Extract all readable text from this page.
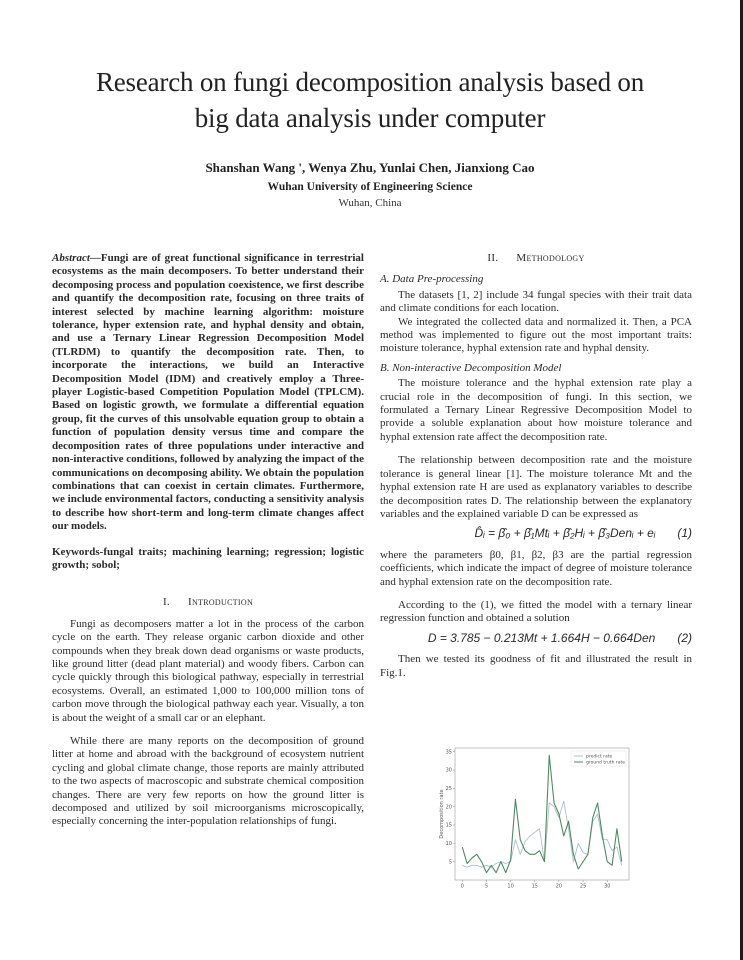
Research on fungi decomposition analysis based on
big data analysis under computer
Shanshan Wang ', Wenya Zhu, Yunlai Chen, Jianxiong Cao
Wuhan University of Engineering Science
Wuhan, China

Abstract—Fungi are of great functional significance in terrestrial ecosystems as the main decomposers. To better understand their decomposing process and population coexistence, we first describe and quantify the decomposition rate, focusing on three traits of interest selected by machine learning algorithm: moisture tolerance, hyper extension rate, and hyphal density and obtain, and use a Ternary Linear Regression Decomposition Model (TLRDM) to quantify the decomposition rate. Then, to incorporate the interactions, we build an Interactive Decomposition Model (IDM) and creatively employ a Three-player Logistic-based Competition Population Model (TPLCM). Based on logistic growth, we formulate a differential equation group, fit the curves of this unsolvable equation group to obtain a function of population density versus time and compare the decomposition rates of three populations under interactive and non-interactive conditions, followed by analyzing the impact of the communications on decomposing ability. We obtain the population combinations that can coexist in certain climates. Furthermore, we include environmental factors, conducting a sensitivity analysis to describe how short-term and long-term climate changes affect our models.

Keywords-fungal traits; machining learning; regression; logistic growth; sobol;

I. Introduction

Fungi as decomposers matter a lot in the process of the carbon cycle on the earth. They release organic carbon dioxide and other compounds when they break down dead organisms or waste products, like ground litter (dead plant material) and woody fibers. Carbon can cycle quickly through this biological pathway, especially in terrestrial ecosystems. Overall, an estimated 1,000 to 100,000 million tons of carbon move through the biological pathway each year. Visually, a ton is about the weight of a small car or an elephant.

While there are many reports on the decomposition of ground litter at home and abroad with the background of ecosystem nutrient cycling and global climate change, those reports are mainly attributed to the two aspects of macroscopic and substrate chemical composition changes. There are very few reports on how the ground litter is decomposed and utilized by soil microorganisms microscopically, especially concerning the inter-population relationships of fungi.

II. Methodology
A. Data Pre-processing

The datasets [1, 2] include 34 fungal species with their trait data and climate conditions for each location.

We integrated the collected data and normalized it. Then, a PCA method was implemented to figure out the most important traits: moisture tolerance, hyphal extension rate and hyphal density.

B. Non-interactive Decomposition Model

The moisture tolerance and the hyphal extension rate play a crucial role in the decomposition of fungi. In this section, we formulated a Ternary Linear Regressive Decomposition Model to provide a soluble explanation about how moisture tolerance and hyphal extension rate affect the decomposition rate.

The relationship between decomposition rate and the moisture tolerance is general linear [1]. The moisture tolerance Mt and the hyphal extension rate H are used as explanatory variables to describe the decomposition rates D. The relationship between the explanatory variables and the explained variable D can be expressed as

D̂ᵢ = β̂₀ + β̂₁Mtᵢ + β̂₂Hᵢ + β̂₃Denᵢ + eᵢ (1)

where the parameters β0, β1, β2, β3 are the partial regression coefficients, which indicate the impact of degree of moisture tolerance and hyphal extension rate on the decomposition rate.

According to the (1), we fitted the model with a ternary linear regression function and obtained a solution

D = 3.785 − 0.213Mt + 1.664H − 0.664Den (2)

Then we tested its goodness of fit and illustrated the result in Fig.1.

5
10
15
20
25
30
35
0	5	10	15	20	25	30
Decomposition rate
predict rate
ground truth rate
